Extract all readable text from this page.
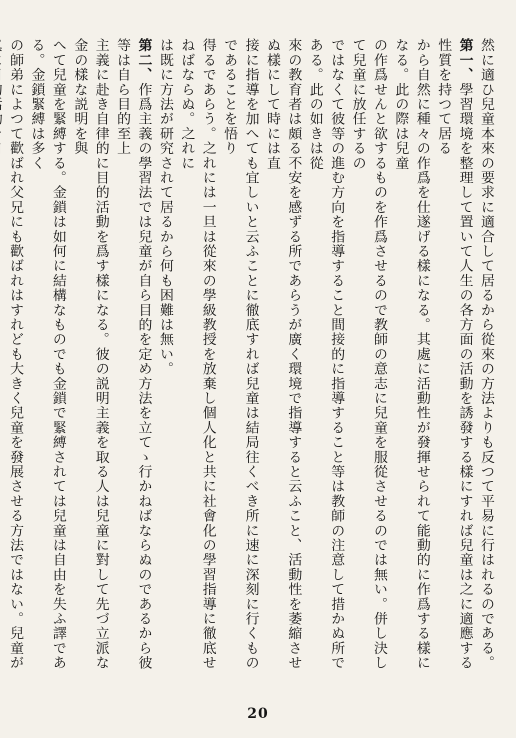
然に適ひ兒童本來の要求に適合して居るから從來の方法よりも反つて平易に行はれるのである。
第一、學習環境を整理して置いて人生の各方面の活動を誘發する樣にすれば兒童は之に適應する性質を持つて居る
から自然に種々の作爲を仕遂げる樣になる。其處に活動性が發揮せられて能動的に作爲する樣になる。此の際は兒童
の作爲せんと欲するものを作爲させるので教師の意志に兒童を服從させるのでは無い。併し決して兒童に放任するの
ではなくて彼等の進む方向を指導すること間接的に指導すること等は教師の注意して措かぬ所である。此の如きは從
來の教育者は頗る不安を感ずる所であらうが廣く環境で指導すると云ふこと、活動性を萎縮させぬ樣にして時には直
接に指導を加へても宜しいと云ふことに徹底すれば兒童は結局往くべき所に速に深刻に行くものであることを悟り
得るであらう。之れには一旦は從來の學級教授を放棄し個人化と共に社會化の學習指導に徹底せねばならぬ。之れに
は既に方法が研究されて居るから何も困難は無い。
第二、作爲主義の學習法では兒童が自ら目的を定め方法を立てゝ行かねばならぬのであるから彼等は自ら目的至上
主義に赴き自律的に目的活動を爲す樣になる。彼の説明主義を取る人は兒童に對して先づ立派な金の樣な説明を與
へて兒童を緊縛する。金鎖は如何に結構なものでも金鎖で緊縛されては兒童は自由を失ふ譯である。金鎖緊縛は多く
の師弟によつて歡ばれ父兄にも歡ばれはすれども大きく兒童を發展させる方法ではない。兒童が
20
